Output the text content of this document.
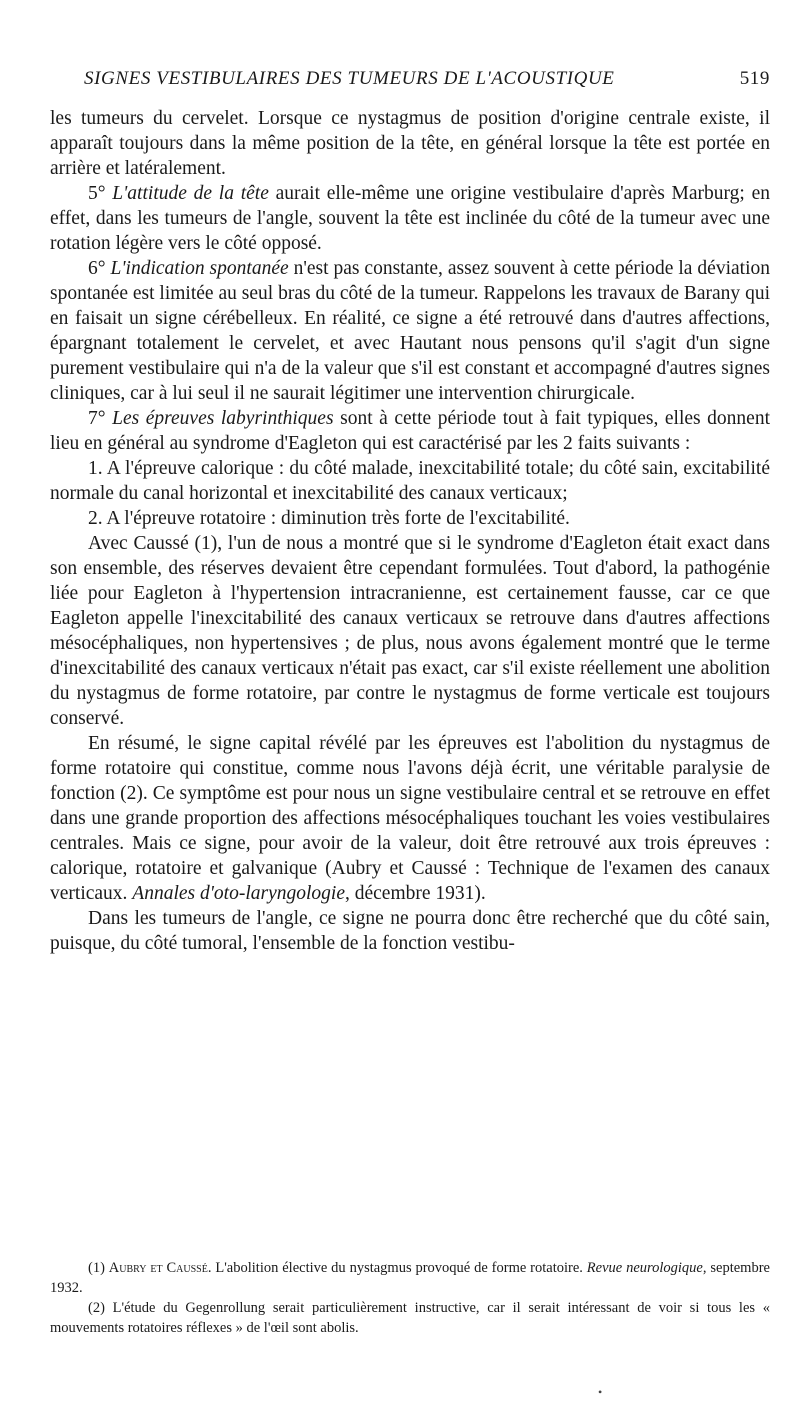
SIGNES VESTIBULAIRES DES TUMEURS DE L'ACOUSTIQUE	519

les tumeurs du cervelet. Lorsque ce nystagmus de position d'origine centrale existe, il apparaît toujours dans la même position de la tête, en général lorsque la tête est portée en arrière et latéralement.

5° L'attitude de la tête aurait elle-même une origine vestibulaire d'après Marburg; en effet, dans les tumeurs de l'angle, souvent la tête est inclinée du côté de la tumeur avec une rotation légère vers le côté opposé.

6° L'indication spontanée n'est pas constante, assez souvent à cette période la déviation spontanée est limitée au seul bras du côté de la tumeur. Rappelons les travaux de Barany qui en faisait un signe cérébelleux. En réalité, ce signe a été retrouvé dans d'autres affections, épargnant totalement le cervelet, et avec Hautant nous pensons qu'il s'agit d'un signe purement vestibulaire qui n'a de la valeur que s'il est constant et accompagné d'autres signes cliniques, car à lui seul il ne saurait légitimer une intervention chirurgicale.

7° Les épreuves labyrinthiques sont à cette période tout à fait typiques, elles donnent lieu en général au syndrome d'Eagleton qui est caractérisé par les 2 faits suivants :

1. A l'épreuve calorique : du côté malade, inexcitabilité totale; du côté sain, excitabilité normale du canal horizontal et inexcitabilité des canaux verticaux;

2. A l'épreuve rotatoire : diminution très forte de l'excitabilité.

Avec Caussé (1), l'un de nous a montré que si le syndrome d'Eagleton était exact dans son ensemble, des réserves devaient être cependant formulées. Tout d'abord, la pathogénie liée pour Eagleton à l'hypertension intracranienne, est certainement fausse, car ce que Eagleton appelle l'inexcitabilité des canaux verticaux se retrouve dans d'autres affections mésocéphaliques, non hypertensives ; de plus, nous avons également montré que le terme d'inexcitabilité des canaux verticaux n'était pas exact, car s'il existe réellement une abolition du nystagmus de forme rotatoire, par contre le nystagmus de forme verticale est toujours conservé.

En résumé, le signe capital révélé par les épreuves est l'abolition du nystagmus de forme rotatoire qui constitue, comme nous l'avons déjà écrit, une véritable paralysie de fonction (2). Ce symptôme est pour nous un signe vestibulaire central et se retrouve en effet dans une grande proportion des affections mésocéphaliques touchant les voies vestibulaires centrales. Mais ce signe, pour avoir de la valeur, doit être retrouvé aux trois épreuves : calorique, rotatoire et galvanique (Aubry et Caussé : Technique de l'examen des canaux verticaux. Annales d'oto-laryngologie, décembre 1931).

Dans les tumeurs de l'angle, ce signe ne pourra donc être recherché que du côté sain, puisque, du côté tumoral, l'ensemble de la fonction vestibu-

(1) Aubry et Caussé. L'abolition élective du nystagmus provoqué de forme rotatoire. Revue neurologique, septembre 1932.

(2) L'étude du Gegenrollung serait particulièrement instructive, car il serait intéressant de voir si tous les « mouvements rotatoires réflexes » de l'œil sont abolis.

•
